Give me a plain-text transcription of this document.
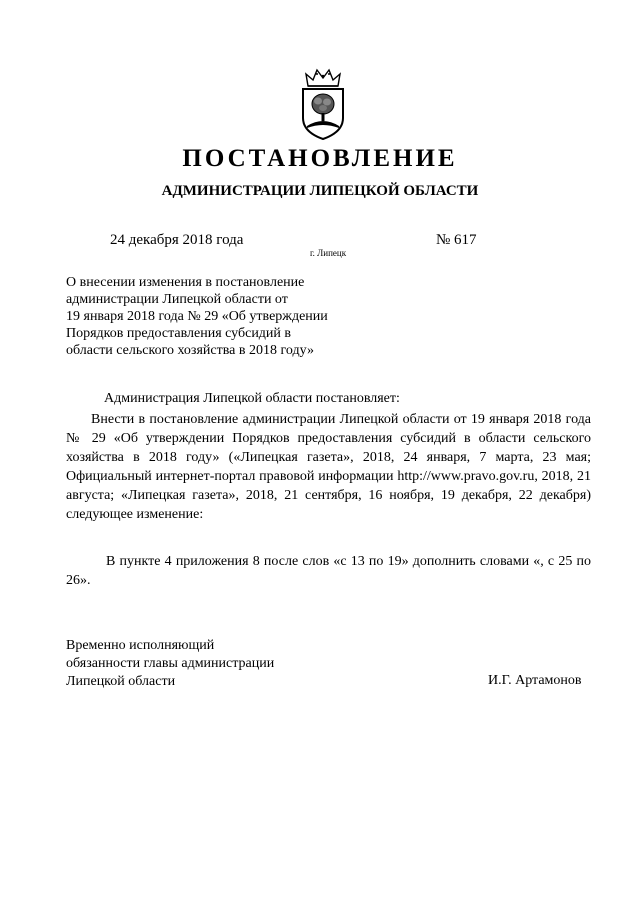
ПОСТАНОВЛЕНИЕ
АДМИНИСТРАЦИИ ЛИПЕЦКОЙ ОБЛАСТИ
24 декабря 2018 года
г. Липецк
№ 617
О внесении изменения в постановление
администрации Липецкой области от
19 января 2018 года № 29 «Об утверждении
Порядков предоставления субсидий в
области сельского хозяйства в 2018 году»
Администрация Липецкой области постановляет:

Внести в постановление администрации Липецкой области от 19 января 2018 года № 29 «Об утверждении Порядков предоставления субсидий в области сельского хозяйства в 2018 году» («Липецкая газета», 2018, 24 января, 7 марта, 23 мая; Официальный интернет-портал правовой информации http://www.pravo.gov.ru, 2018, 21 августа; «Липецкая газета», 2018, 21 сентября, 16 ноября, 19 декабря, 22 декабря) следующее изменение:

В пункте 4 приложения 8 после слов «с 13 по 19» дополнить словами «, с 25 по 26».

Временно исполняющий
обязанности главы администрации
Липецкой области	И.Г. Артамонов
